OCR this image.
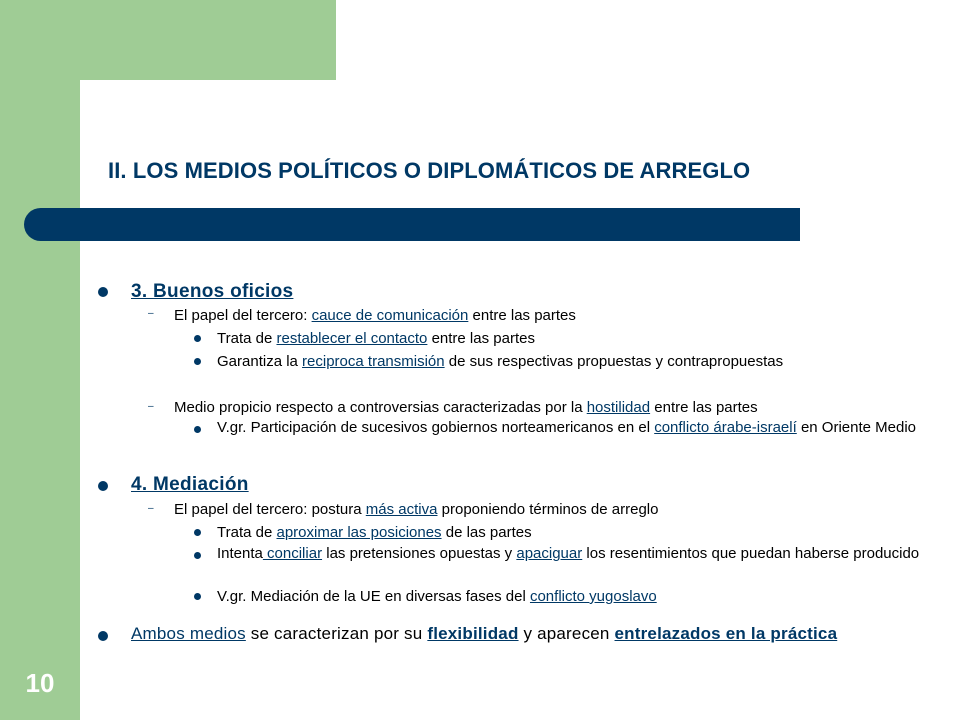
II. LOS MEDIOS POLÍTICOS O DIPLOMÁTICOS DE ARREGLO
3. Buenos oficios
– El papel del tercero: cauce de comunicación entre las partes
Trata de restablecer el contacto entre las partes
Garantiza la reciproca transmisión de sus respectivas propuestas y contrapropuestas
– Medio propicio respecto a controversias caracterizadas por la hostilidad entre las partes
V.gr. Participación de sucesivos gobiernos norteamericanos en el conflicto árabe-israelí en Oriente Medio
4. Mediación
– El papel del tercero: postura más activa proponiendo términos de arreglo
Trata de aproximar las posiciones de las partes
Intenta conciliar las pretensiones opuestas y apaciguar los resentimientos que puedan haberse producido
V.gr. Mediación de la UE en diversas fases del conflicto yugoslavo
Ambos medios se caracterizan por su flexibilidad y aparecen entrelazados en la práctica
10
